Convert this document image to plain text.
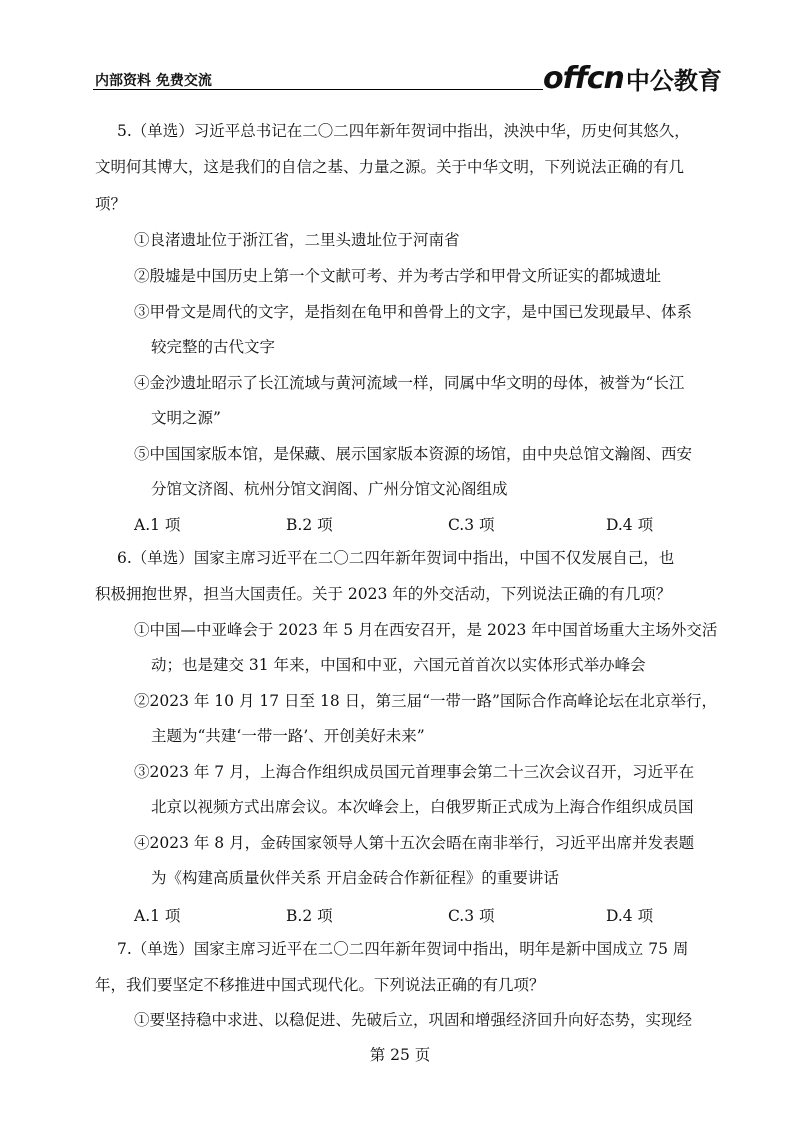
内部资料 免费交流	offcn 中公教育
5.（单选）习近平总书记在二〇二四年新年贺词中指出，泱泱中华，历史何其悠久，
文明何其博大，这是我们的自信之基、力量之源。关于中华文明，下列说法正确的有几
项？
①良渚遗址位于浙江省，二里头遗址位于河南省
②殷墟是中国历史上第一个文献可考、并为考古学和甲骨文所证实的都城遗址
③甲骨文是周代的文字，是指刻在龟甲和兽骨上的文字，是中国已发现最早、体系
较完整的古代文字
④金沙遗址昭示了长江流域与黄河流域一样，同属中华文明的母体，被誉为“长江
文明之源”
⑤中国国家版本馆，是保藏、展示国家版本资源的场馆，由中央总馆文瀚阁、西安
分馆文济阁、杭州分馆文润阁、广州分馆文沁阁组成
A.1 项	B.2 项	C.3 项	D.4 项
6.（单选）国家主席习近平在二〇二四年新年贺词中指出，中国不仅发展自己，也
积极拥抱世界，担当大国责任。关于 2023 年的外交活动，下列说法正确的有几项？
①中国—中亚峰会于 2023 年 5 月在西安召开，是 2023 年中国首场重大主场外交活
动；也是建交 31 年来，中国和中亚，六国元首首次以实体形式举办峰会
②2023 年 10 月 17 日至 18 日，第三届“一带一路”国际合作高峰论坛在北京举行，
主题为“共建‘一带一路’、开创美好未来”
③2023 年 7 月，上海合作组织成员国元首理事会第二十三次会议召开，习近平在
北京以视频方式出席会议。本次峰会上，白俄罗斯正式成为上海合作组织成员国
④2023 年 8 月，金砖国家领导人第十五次会晤在南非举行，习近平出席并发表题
为《构建高质量伙伴关系 开启金砖合作新征程》的重要讲话
A.1 项	B.2 项	C.3 项	D.4 项
7.（单选）国家主席习近平在二〇二四年新年贺词中指出，明年是新中国成立 75 周
年，我们要坚定不移推进中国式现代化。下列说法正确的有几项？
①要坚持稳中求进、以稳促进、先破后立，巩固和增强经济回升向好态势，实现经
第 25 页
